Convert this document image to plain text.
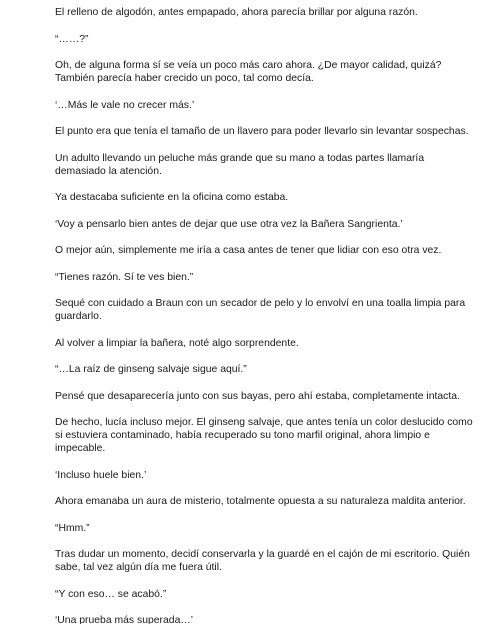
El relleno de algodón, antes empapado, ahora parecía brillar por alguna razón.

“……?”

Oh, de alguna forma sí se veía un poco más caro ahora. ¿De mayor calidad, quizá? También parecía haber crecido un poco, tal como decía.

‘…Más le vale no crecer más.’

El punto era que tenía el tamaño de un llavero para poder llevarlo sin levantar sospechas.

Un adulto llevando un peluche más grande que su mano a todas partes llamaría demasiado la atención.

Ya destacaba suficiente en la oficina como estaba.

‘Voy a pensarlo bien antes de dejar que use otra vez la Bañera Sangrienta.’

O mejor aún, simplemente me iría a casa antes de tener que lidiar con eso otra vez.

“Tienes razón. Sí te ves bien.”

Sequé con cuidado a Braun con un secador de pelo y lo envolví en una toalla limpia para guardarlo.

Al volver a limpiar la bañera, noté algo sorprendente.

“…La raíz de ginseng salvaje sigue aquí.”

Pensé que desaparecería junto con sus bayas, pero ahí estaba, completamente intacta.

De hecho, lucía incluso mejor. El ginseng salvaje, que antes tenía un color deslucido como si estuviera contaminado, había recuperado su tono marfil original, ahora limpio e impecable.

‘Incluso huele bien.’

Ahora emanaba un aura de misterio, totalmente opuesta a su naturaleza maldita anterior.

“Hmm.”

Tras dudar un momento, decidí conservarla y la guardé en el cajón de mi escritorio. Quién sabe, tal vez algún día me fuera útil.

“Y con eso… se acabó.”

‘Una prueba más superada…’
